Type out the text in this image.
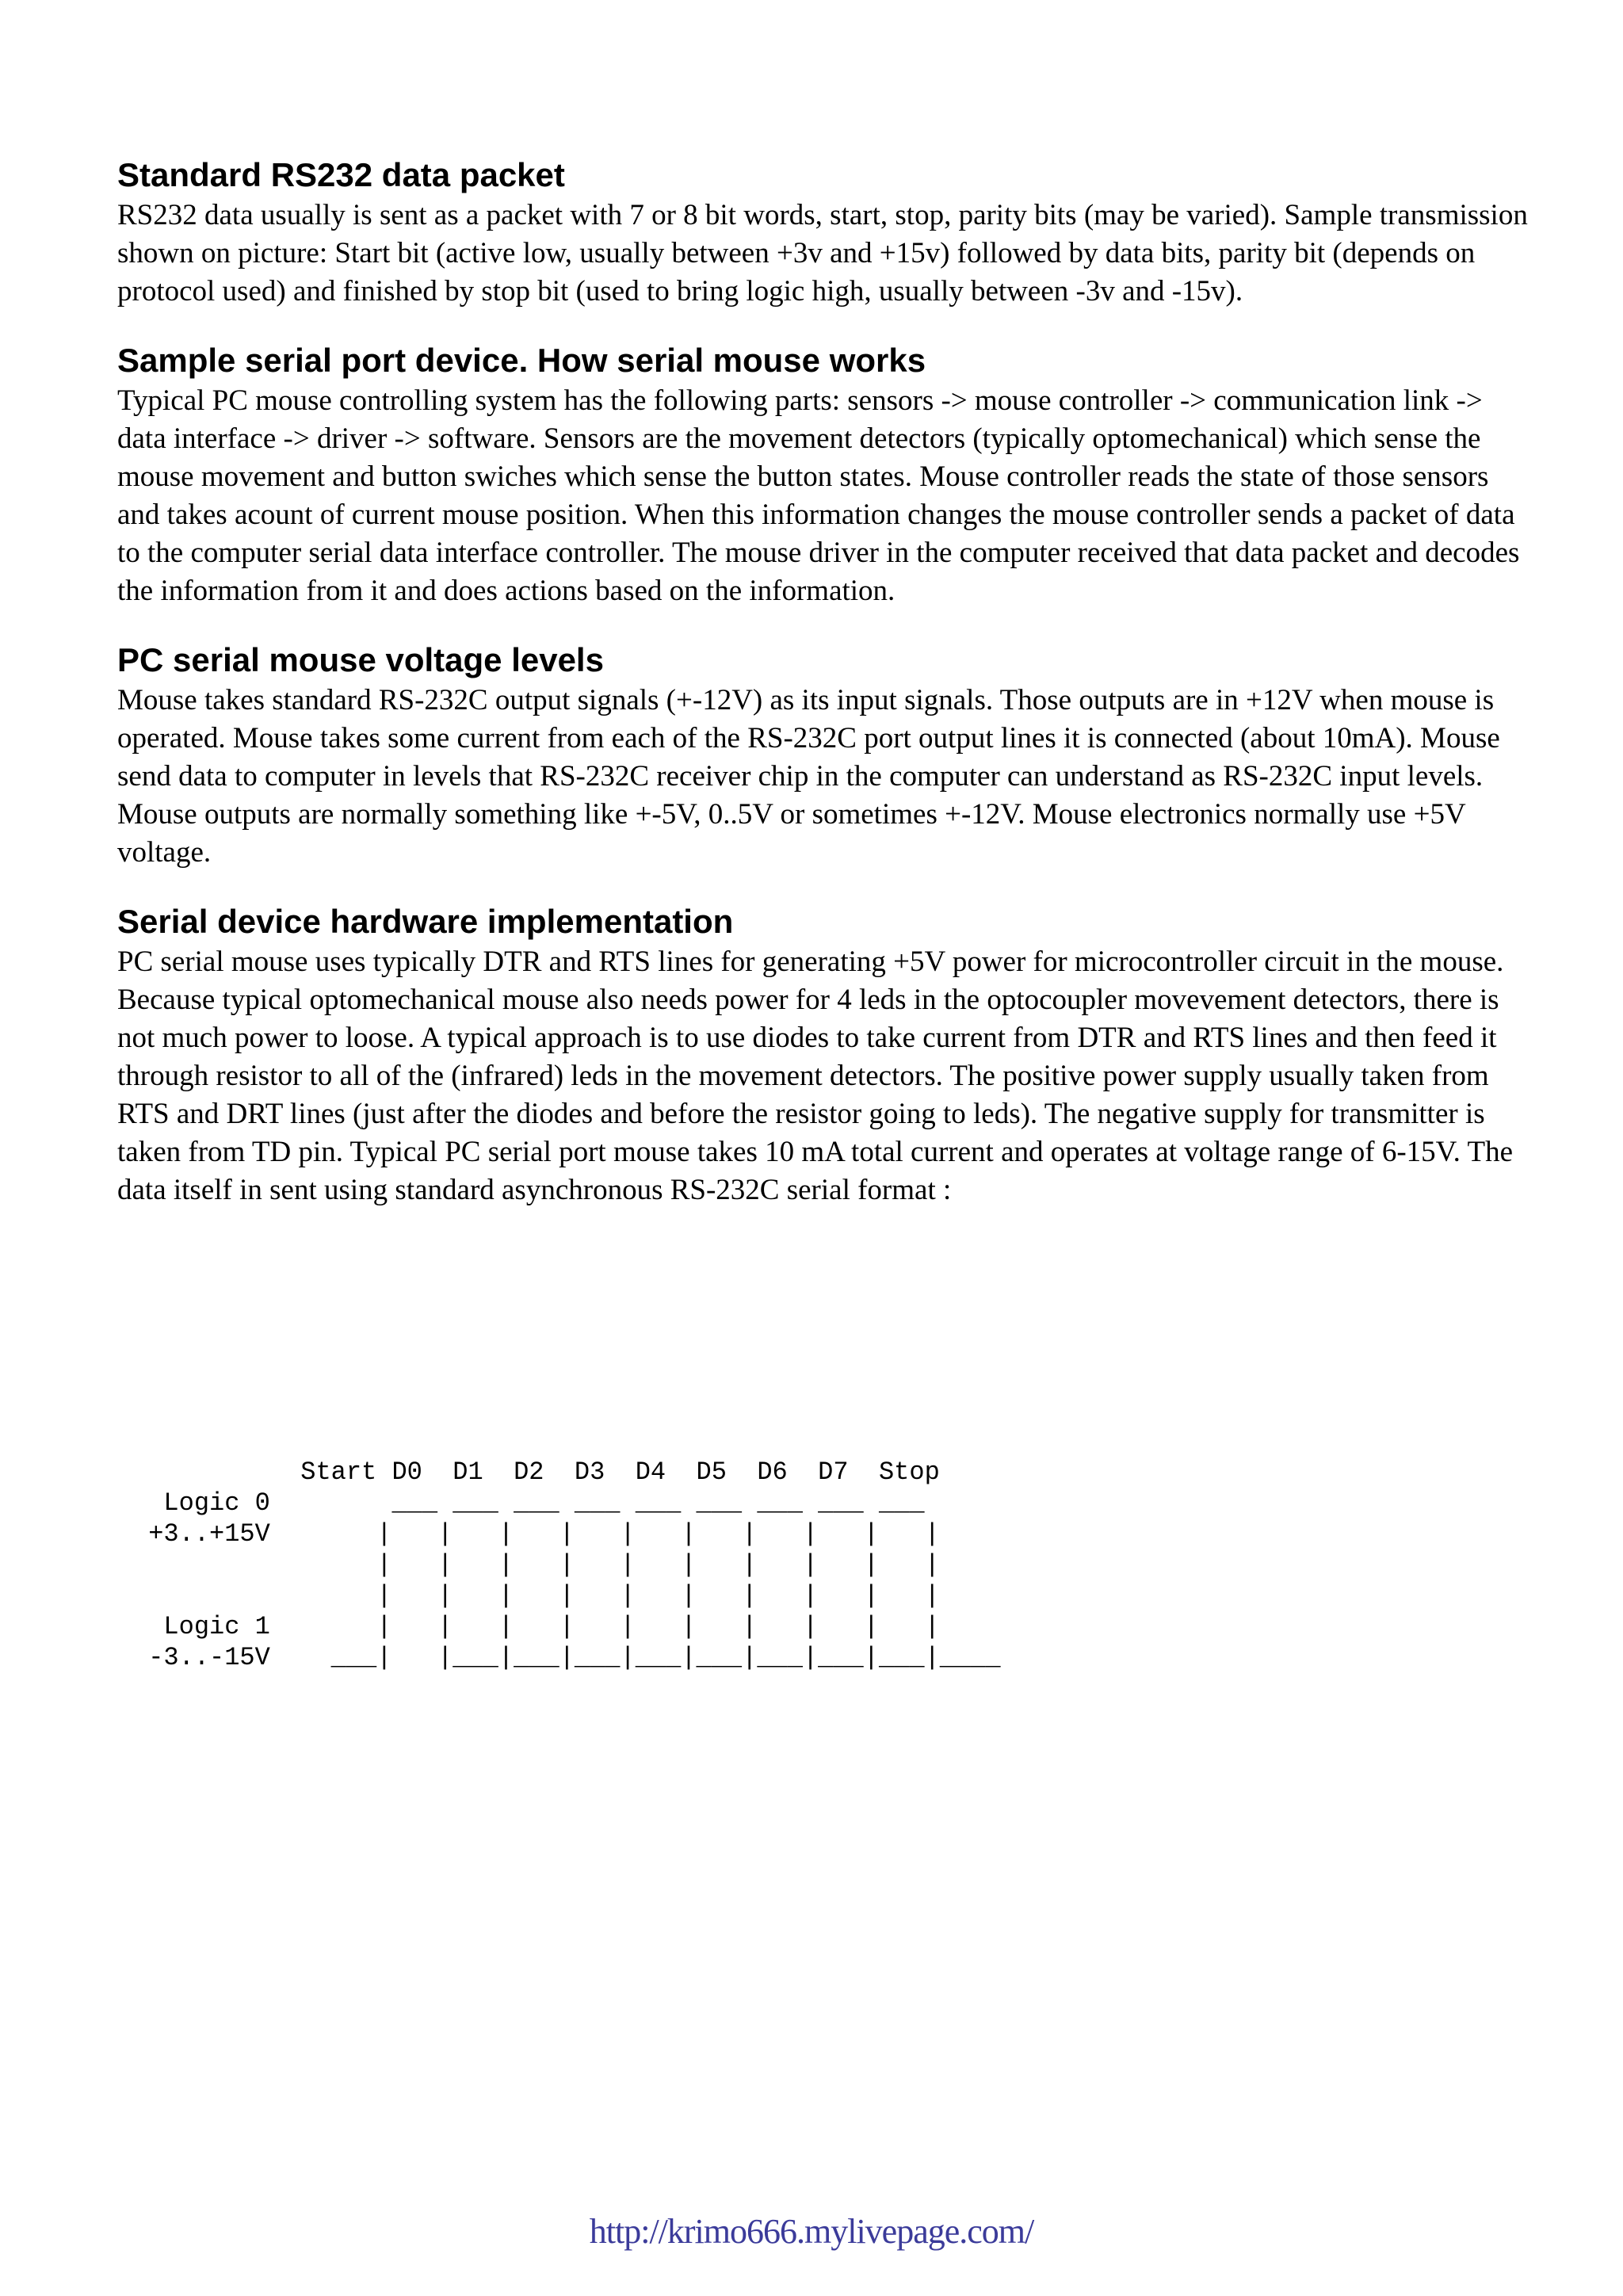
Standard RS232 data packet

RS232 data usually is sent as a packet with 7 or 8 bit words, start, stop, parity bits (may be varied). Sample transmission shown on picture: Start bit (active low, usually between +3v and +15v) followed by data bits, parity bit (depends on protocol used) and finished by stop bit (used to bring logic high, usually between -3v and -15v).

Sample serial port device. How serial mouse works

Typical PC mouse controlling system has the following parts: sensors -> mouse controller -> communication link -> data interface -> driver -> software. Sensors are the movement detectors (typically optomechanical) which sense the mouse movement and button swiches which sense the button states. Mouse controller reads the state of those sensors and takes acount of current mouse position. When this information changes the mouse controller sends a packet of data to the computer serial data interface controller. The mouse driver in the computer received that data packet and decodes the information from it and does actions based on the information.

PC serial mouse voltage levels

Mouse takes standard RS-232C output signals (+-12V) as its input signals. Those outputs are in +12V when mouse is operated. Mouse takes some current from each of the RS-232C port output lines it is connected (about 10mA). Mouse send data to computer in levels that RS-232C receiver chip in the computer can understand as RS-232C input levels. Mouse outputs are normally something like +-5V, 0..5V or sometimes +-12V. Mouse electronics normally use +5V voltage.

Serial device hardware implementation

PC serial mouse uses typically DTR and RTS lines for generating +5V power for microcontroller circuit in the mouse. Because typical optomechanical mouse also needs power for 4 leds in the optocoupler movevement detectors, there is not much power to loose. A typical approach is to use diodes to take current from DTR and RTS lines and then feed it through resistor to all of the (infrared) leds in the movement detectors. The positive power supply usually taken from RTS and DRT lines (just after the diodes and before the resistor going to leds). The negative supply for transmitter is taken from TD pin. Typical PC serial port mouse takes 10 mA total current and operates at voltage range of 6-15V. The data itself in sent using standard asynchronous RS-232C serial format :

Start D0  D1  D2  D3  D4  D5  D6  D7  Stop
Logic 0        ___ ___ ___ ___ ___ ___ ___ ___ ___
+3..+15V       |   |   |   |   |   |   |   |   |   |
|   |   |   |   |   |   |   |   |   |
|   |   |   |   |   |   |   |   |   |
Logic 1       |   |   |   |   |   |   |   |   |   |
-3..-15V    ___|   |___|___|___|___|___|___|___|___|____
http://krimo666.mylivepage.com/
